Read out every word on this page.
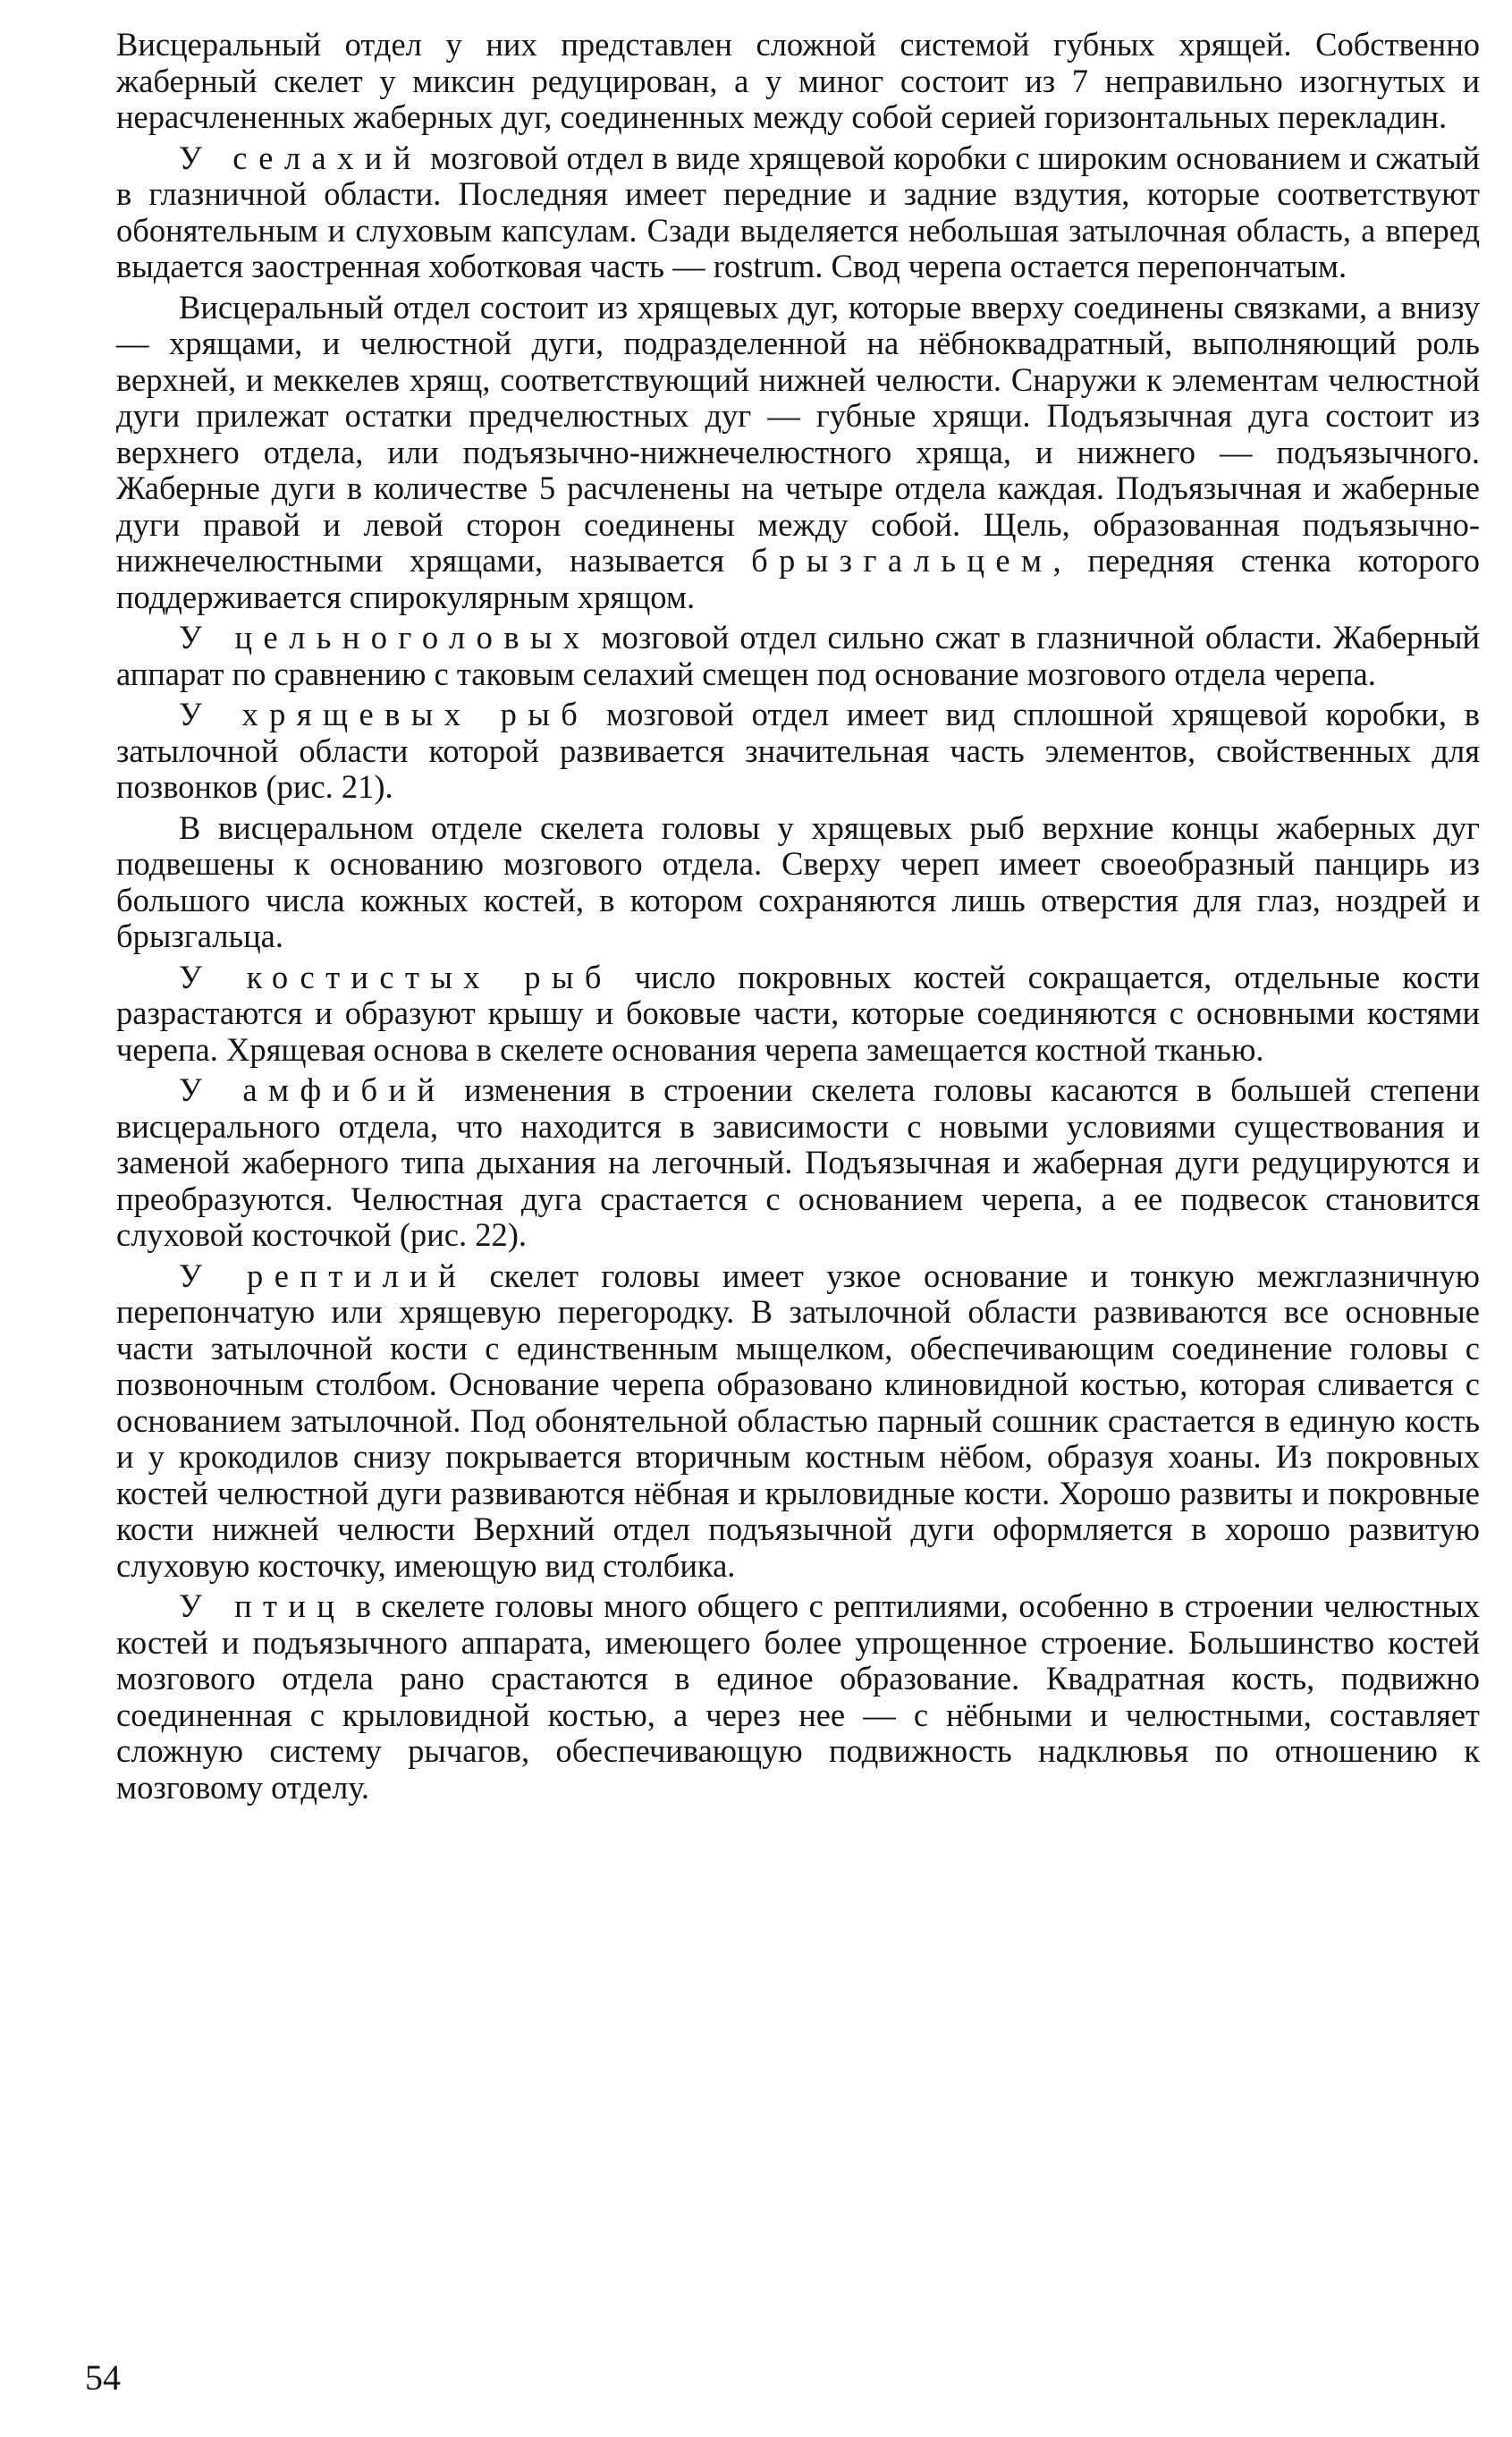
Висцеральный отдел у них представлен сложной системой губных хрящей. Собственно жаберный скелет у миксин редуцирован, а у миног состоит из 7 неправильно изогнутых и нерасчлененных жаберных дуг, соединенных между собой серией горизонтальных перекладин.

У селахий мозговой отдел в виде хрящевой коробки с широким основанием и сжатый в глазничной области. Последняя имеет передние и задние вздутия, которые соответствуют обонятельным и слуховым капсулам. Сзади выделяется небольшая затылочная область, а вперед выдается заостренная хоботковая часть — rostrum. Свод черепа остается перепончатым.

Висцеральный отдел состоит из хрящевых дуг, которые вверху соединены связками, а внизу — хрящами, и челюстной дуги, подразделенной на нёбноквадратный, выполняющий роль верхней, и меккелев хрящ, соответствующий нижней челюсти. Снаружи к элементам челюстной дуги прилежат остатки предчелюстных дуг — губные хрящи. Подъязычная дуга состоит из верхнего отдела, или подъязычно-нижнечелюстного хряща, и нижнего — подъязычного. Жаберные дуги в количестве 5 расчленены на четыре отдела каждая. Подъязычная и жаберные дуги правой и левой сторон соединены между собой. Щель, образованная подъязычно-нижнечелюстными хрящами, называется брызгальцем, передняя стенка которого поддерживается спирокулярным хрящом.

У цельноголовых мозговой отдел сильно сжат в глазничной области. Жаберный аппарат по сравнению с таковым селахий смещен под основание мозгового отдела черепа.

У хрящевых рыб мозговой отдел имеет вид сплошной хрящевой коробки, в затылочной области которой развивается значительная часть элементов, свойственных для позвонков (рис. 21).

В висцеральном отделе скелета головы у хрящевых рыб верхние концы жаберных дуг подвешены к основанию мозгового отдела. Сверху череп имеет своеобразный панцирь из большого числа кожных костей, в котором сохраняются лишь отверстия для глаз, ноздрей и брызгальца.

У костистых рыб число покровных костей сокращается, отдельные кости разрастаются и образуют крышу и боковые части, которые соединяются с основными костями черепа. Хрящевая основа в скелете основания черепа замещается костной тканью.

У амфибий изменения в строении скелета головы касаются в большей степени висцерального отдела, что находится в зависимости с новыми условиями существования и заменой жаберного типа дыхания на легочный. Подъязычная и жаберная дуги редуцируются и преобразуются. Челюстная дуга срастается с основанием черепа, а ее подвесок становится слуховой косточкой (рис. 22).

У рептилий скелет головы имеет узкое основание и тонкую межглазничную перепончатую или хрящевую перегородку. В затылочной области развиваются все основные части затылочной кости с единственным мыщелком, обеспечивающим соединение головы с позвоночным столбом. Основание черепа образовано клиновидной костью, которая сливается с основанием затылочной. Под обонятельной областью парный сошник срастается в единую кость и у крокодилов снизу покрывается вторичным костным нёбом, образуя хоаны. Из покровных костей челюстной дуги развиваются нёбная и крыловидные кости. Хорошо развиты и покровные кости нижней челюсти Верхний отдел подъязычной дуги оформляется в хорошо развитую слуховую косточку, имеющую вид столбика.

У птиц в скелете головы много общего с рептилиями, особенно в строении челюстных костей и подъязычного аппарата, имеющего более упрощенное строение. Большинство костей мозгового отдела рано срастаются в единое образование. Квадратная кость, подвижно соединенная с крыловидной костью, а через нее — с нёбными и челюстными, составляет сложную систему рычагов, обеспечивающую подвижность надклювья по отношению к мозговому отделу.

54
